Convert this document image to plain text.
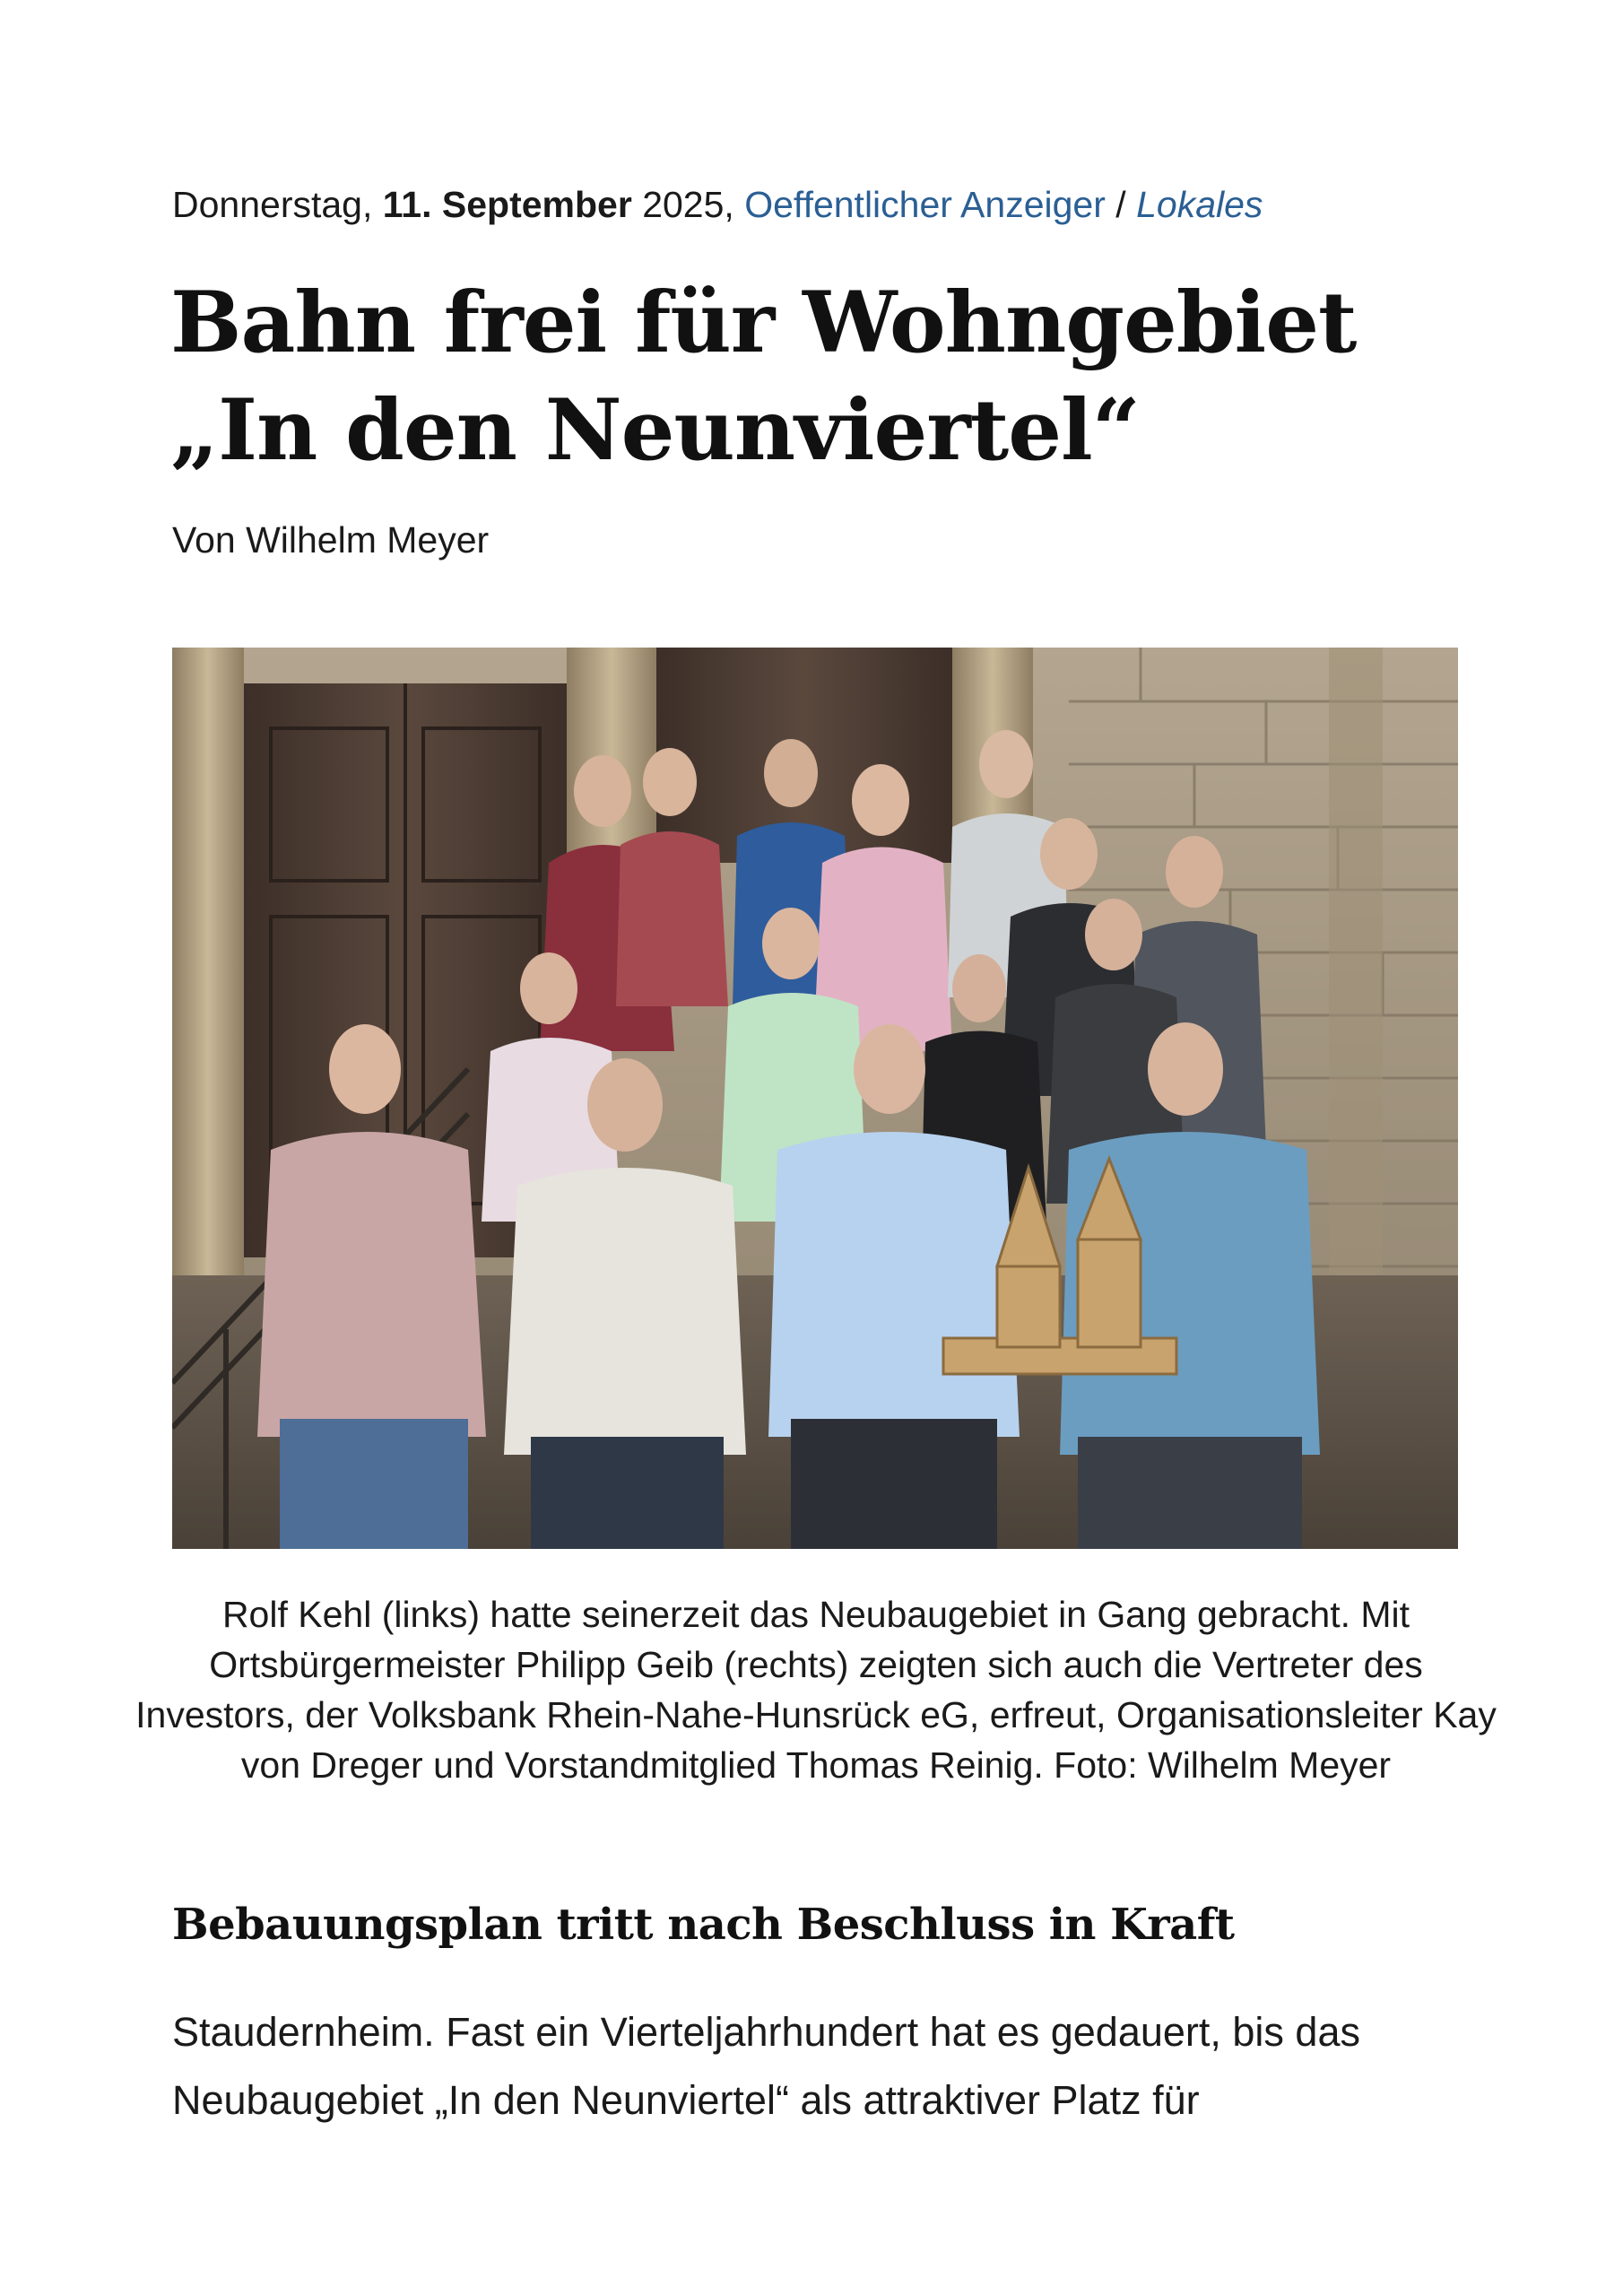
Donnerstag, 11. September 2025, Oeffentlicher Anzeiger / Lokales
Bahn frei für Wohngebiet „In den Neunviertel“
Von Wilhelm Meyer

Rolf Kehl (links) hatte seinerzeit das Neubaugebiet in Gang gebracht. Mit Ortsbürgermeister Philipp Geib (rechts) zeigten sich auch die Vertreter des Investors, der Volksbank Rhein-Nahe-Hunsrück eG, erfreut, Organisationsleiter Kay von Dreger und Vorstandmitglied Thomas Reinig. Foto: Wilhelm Meyer

Bebauungsplan tritt nach Beschluss in Kraft

Staudernheim. Fast ein Vierteljahrhundert hat es gedauert, bis das Neubaugebiet „In den Neunviertel“ als attraktiver Platz für
